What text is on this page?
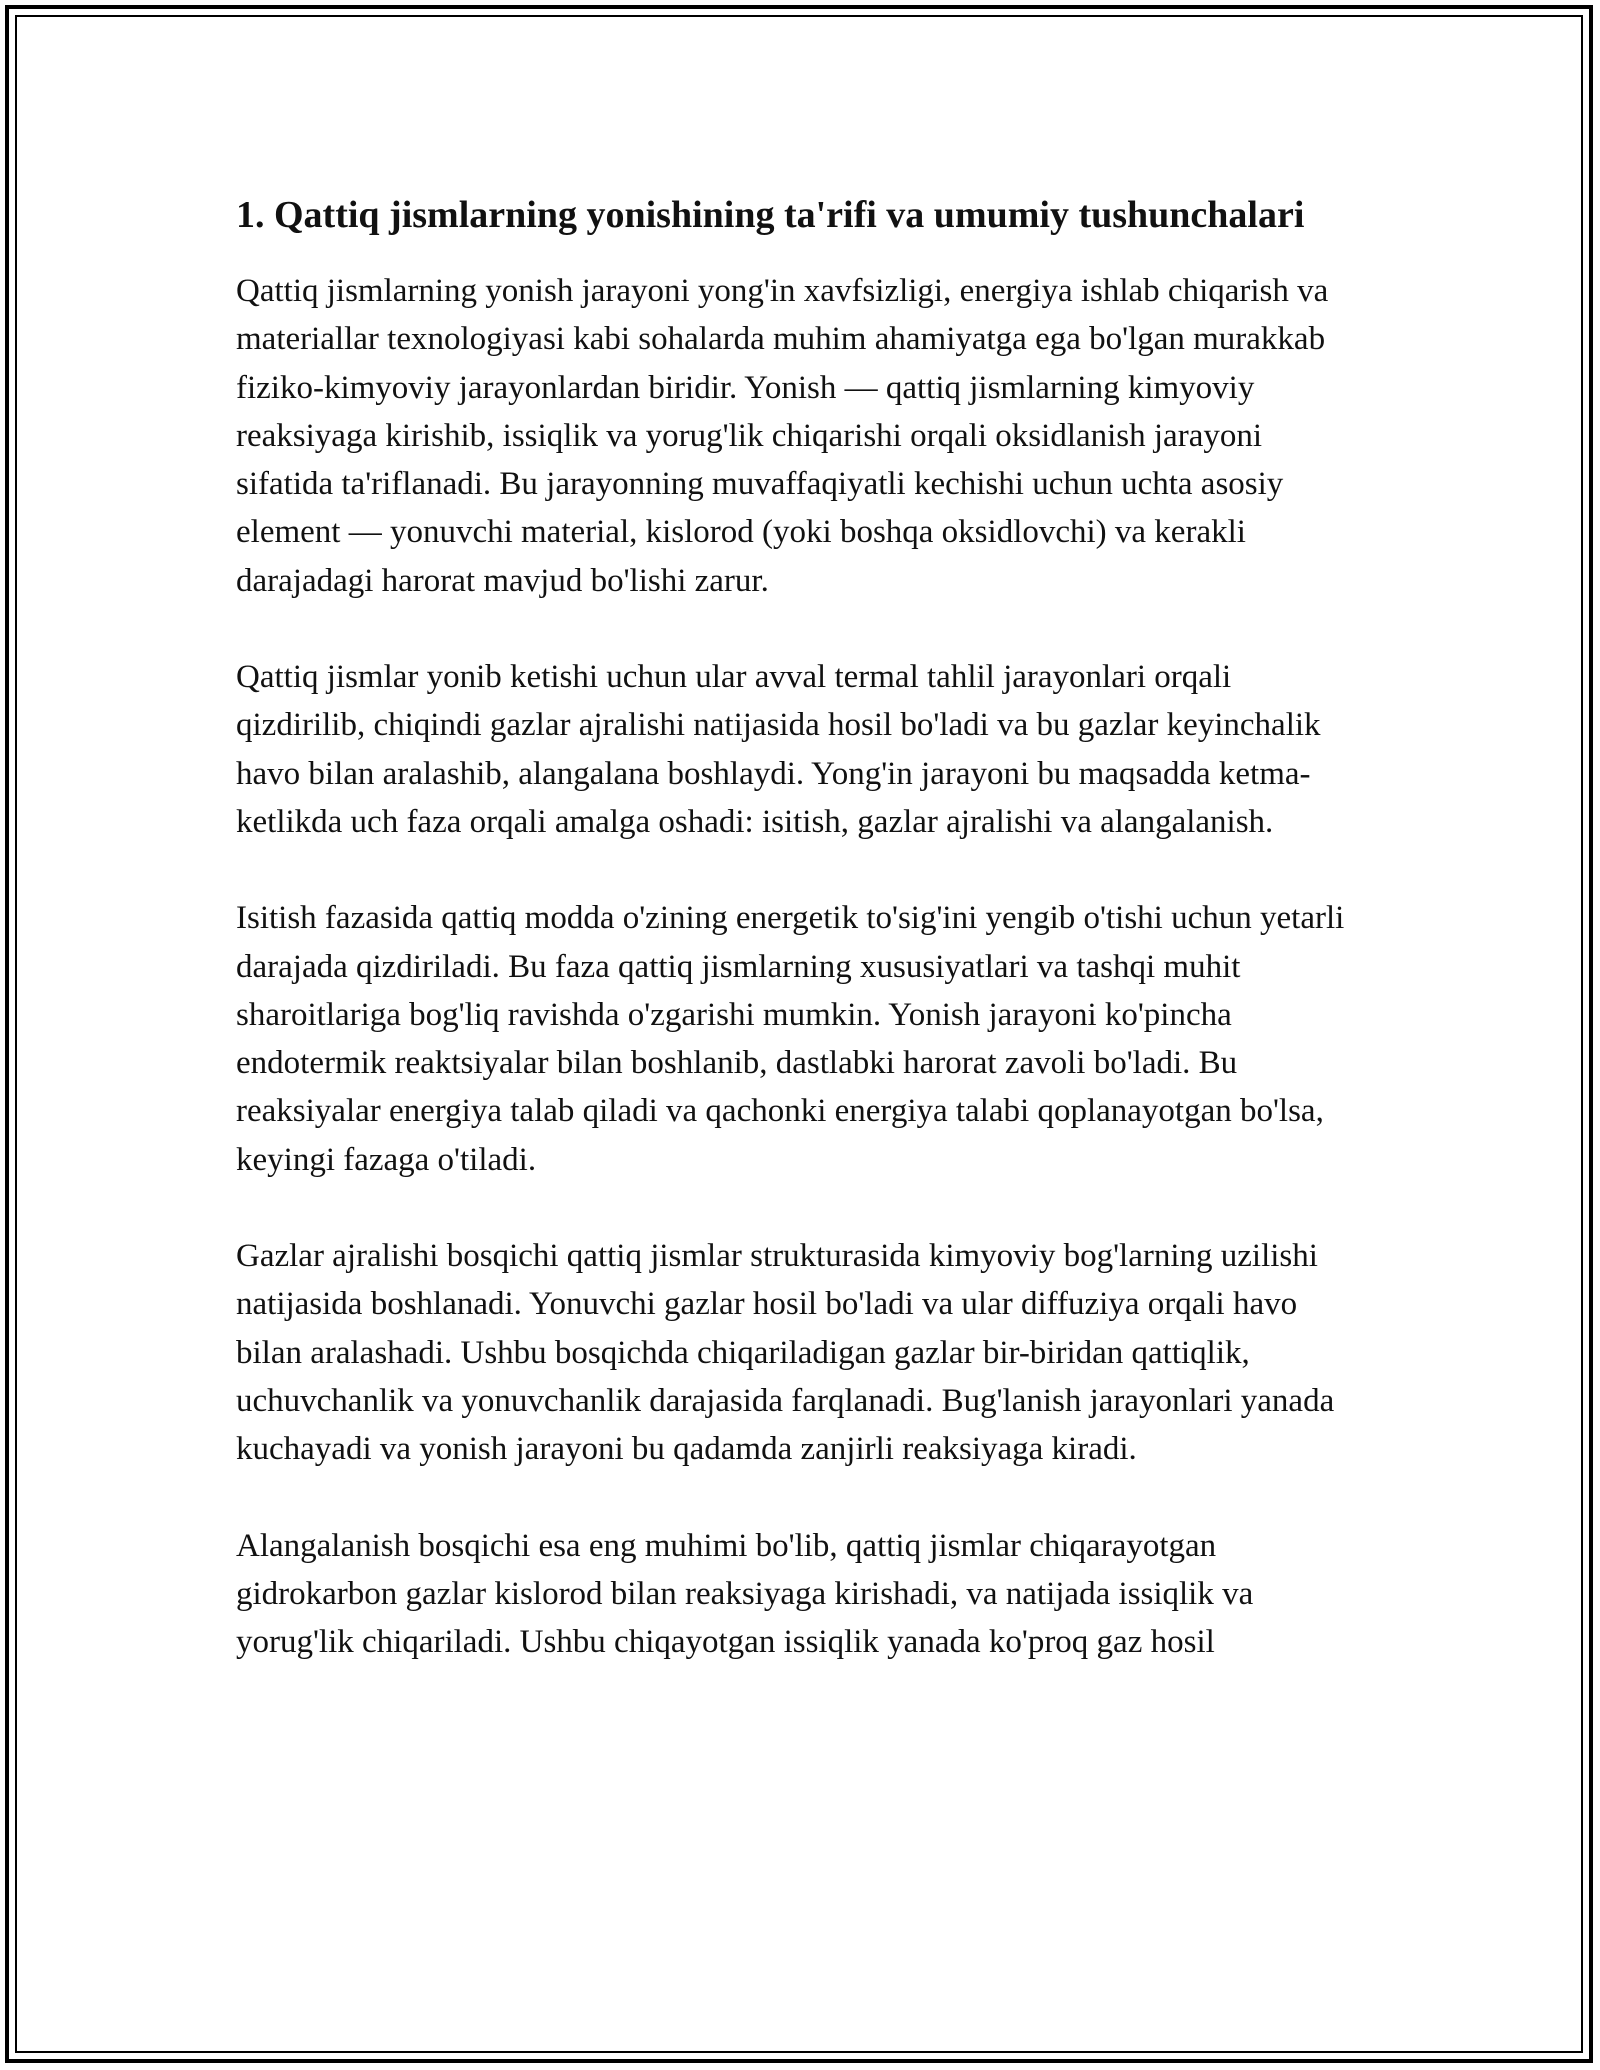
1. Qattiq jismlarning yonishining ta'rifi va umumiy tushunchalari

Qattiq jismlarning yonish jarayoni yong'in xavfsizligi, energiya ishlab chiqarish va materiallar texnologiyasi kabi sohalarda muhim ahamiyatga ega bo'lgan murakkab fiziko-kimyoviy jarayonlardan biridir. Yonish — qattiq jismlarning kimyoviy reaksiyaga kirishib, issiqlik va yorug'lik chiqarishi orqali oksidlanish jarayoni sifatida ta'riflanadi. Bu jarayonning muvaffaqiyatli kechishi uchun uchta asosiy element — yonuvchi material, kislorod (yoki boshqa oksidlovchi) va kerakli darajadagi harorat mavjud bo'lishi zarur.

Qattiq jismlar yonib ketishi uchun ular avval termal tahlil jarayonlari orqali qizdirilib, chiqindi gazlar ajralishi natijasida hosil bo'ladi va bu gazlar keyinchalik havo bilan aralashib, alangalana boshlaydi. Yong'in jarayoni bu maqsadda ketma-ketlikda uch faza orqali amalga oshadi: isitish, gazlar ajralishi va alangalanish.

Isitish fazasida qattiq modda o'zining energetik to'sig'ini yengib o'tishi uchun yetarli darajada qizdiriladi. Bu faza qattiq jismlarning xususiyatlari va tashqi muhit sharoitlariga bog'liq ravishda o'zgarishi mumkin. Yonish jarayoni ko'pincha endotermik reaktsiyalar bilan boshlanib, dastlabki harorat zavoli bo'ladi. Bu reaksiyalar energiya talab qiladi va qachonki energiya talabi qoplanayotgan bo'lsa, keyingi fazaga o'tiladi.

Gazlar ajralishi bosqichi qattiq jismlar strukturasida kimyoviy bog'larning uzilishi natijasida boshlanadi. Yonuvchi gazlar hosil bo'ladi va ular diffuziya orqali havo bilan aralashadi. Ushbu bosqichda chiqariladigan gazlar bir-biridan qattiqlik, uchuvchanlik va yonuvchanlik darajasida farqlanadi. Bug'lanish jarayonlari yanada kuchayadi va yonish jarayoni bu qadamda zanjirli reaksiyaga kiradi.

Alangalanish bosqichi esa eng muhimi bo'lib, qattiq jismlar chiqarayotgan gidrokarbon gazlar kislorod bilan reaksiyaga kirishadi, va natijada issiqlik va yorug'lik chiqariladi. Ushbu chiqayotgan issiqlik yanada ko'proq gaz hosil
